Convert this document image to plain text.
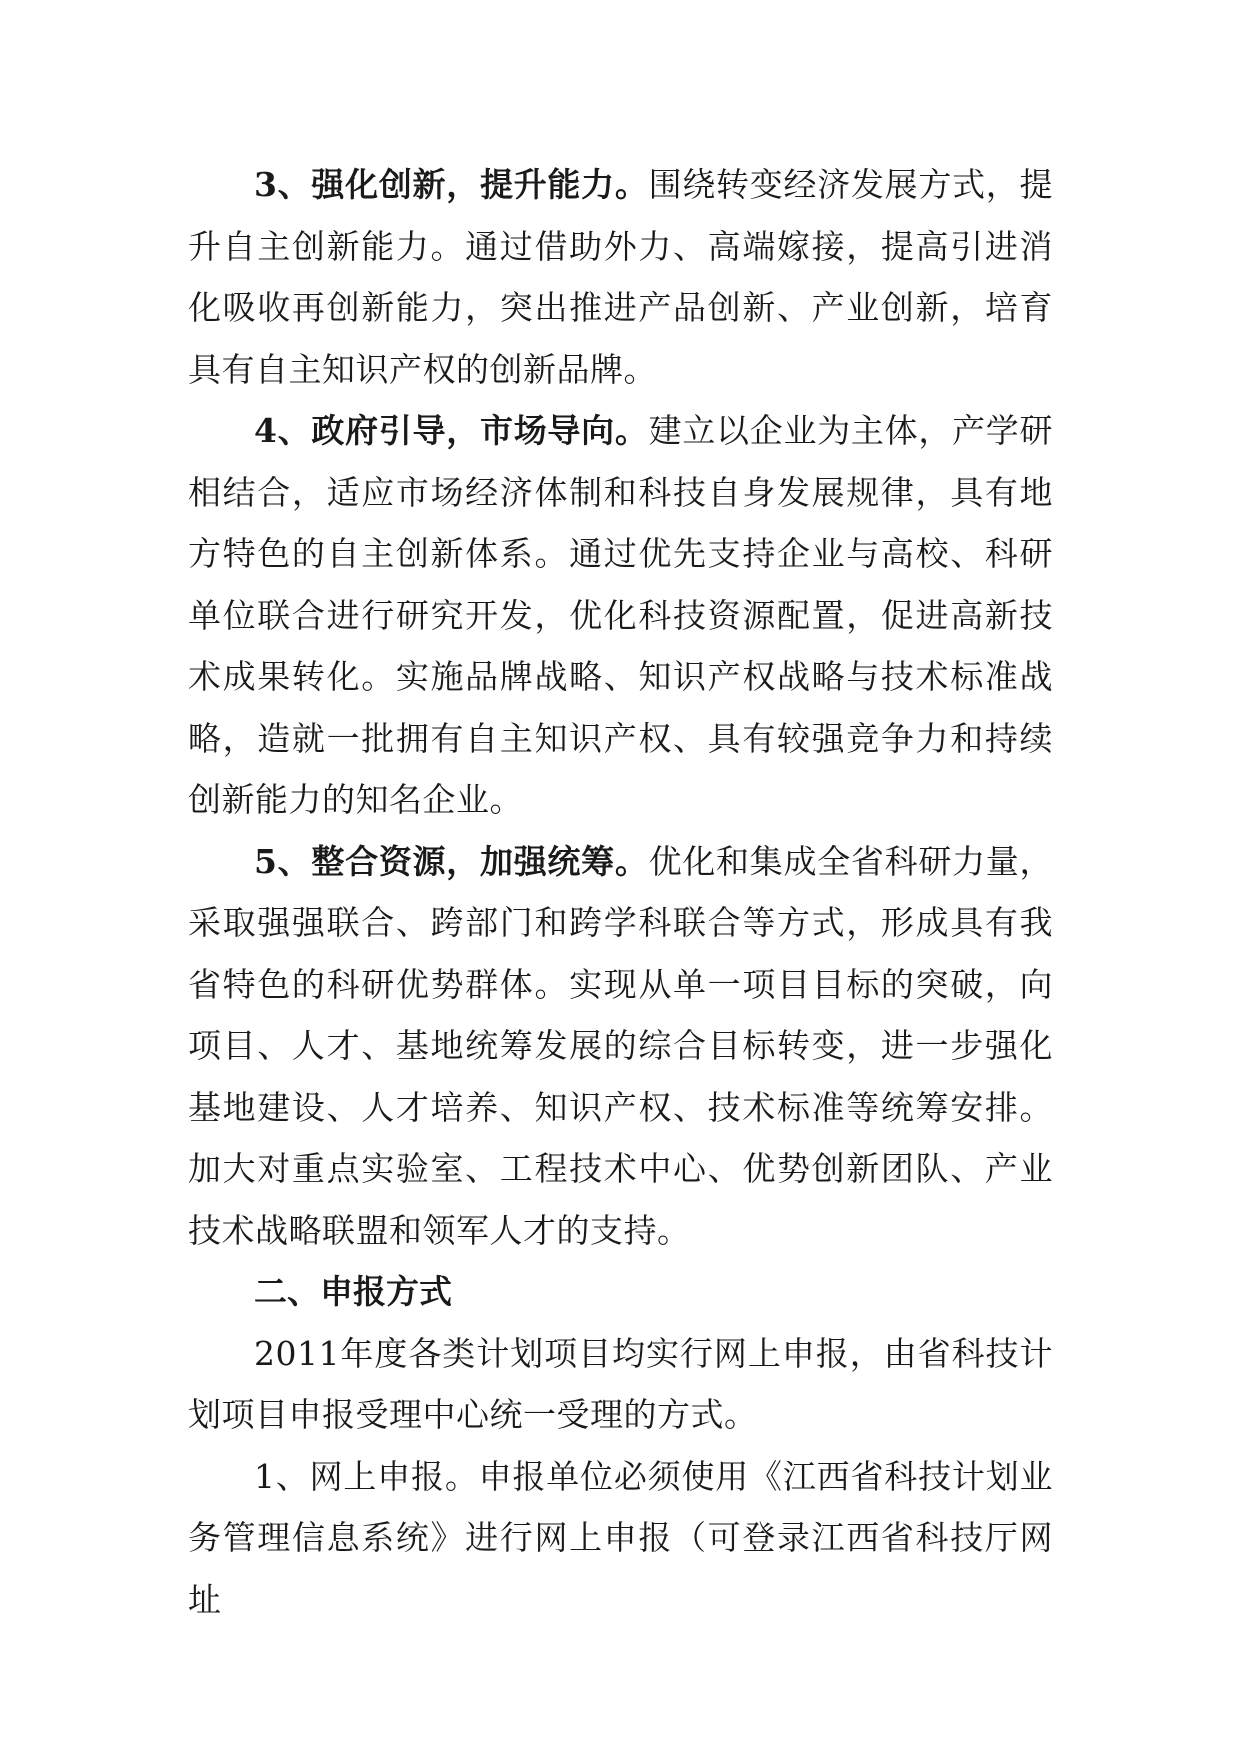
3、强化创新，提升能力。围绕转变经济发展方式，提升自主创新能力。通过借助外力、高端嫁接，提高引进消化吸收再创新能力，突出推进产品创新、产业创新，培育具有自主知识产权的创新品牌。

4、政府引导，市场导向。建立以企业为主体，产学研相结合，适应市场经济体制和科技自身发展规律，具有地方特色的自主创新体系。通过优先支持企业与高校、科研单位联合进行研究开发，优化科技资源配置，促进高新技术成果转化。实施品牌战略、知识产权战略与技术标准战略，造就一批拥有自主知识产权、具有较强竞争力和持续创新能力的知名企业。

5、整合资源，加强统筹。优化和集成全省科研力量，采取强强联合、跨部门和跨学科联合等方式，形成具有我省特色的科研优势群体。实现从单一项目目标的突破，向项目、人才、基地统筹发展的综合目标转变，进一步强化基地建设、人才培养、知识产权、技术标准等统筹安排。加大对重点实验室、工程技术中心、优势创新团队、产业技术战略联盟和领军人才的支持。

二、申报方式

2011年度各类计划项目均实行网上申报，由省科技计划项目申报受理中心统一受理的方式。

1、网上申报。申报单位必须使用《江西省科技计划业务管理信息系统》进行网上申报（可登录江西省科技厅网址
